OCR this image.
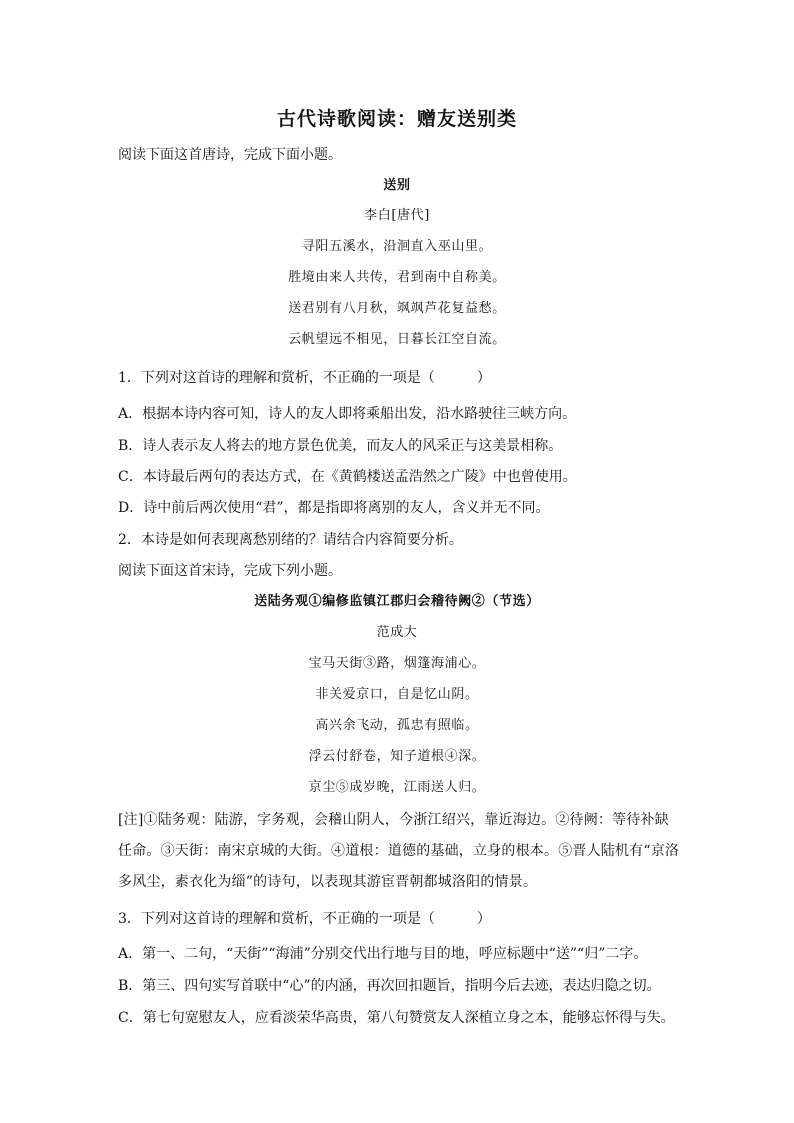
古代诗歌阅读：赠友送别类
阅读下面这首唐诗，完成下面小题。
送别
李白[唐代]
寻阳五溪水，沿洄直入巫山里。
胜境由来人共传，君到南中自称美。
送君别有八月秋，飒飒芦花复益愁。
云帆望远不相见，日暮长江空自流。
1．下列对这首诗的理解和赏析，不正确的一项是（　　　）
A．根据本诗内容可知，诗人的友人即将乘船出发，沿水路驶往三峡方向。
B．诗人表示友人将去的地方景色优美，而友人的风采正与这美景相称。
C．本诗最后两句的表达方式，在《黄鹤楼送孟浩然之广陵》中也曾使用。
D．诗中前后两次使用“君”，都是指即将离别的友人，含义并无不同。
2．本诗是如何表现离愁别绪的？请结合内容简要分析。
阅读下面这首宋诗，完成下列小题。
送陆务观①编修监镇江郡归会稽待阙②（节选）
范成大
宝马天街③路，烟篷海浦心。
非关爱京口，自是忆山阴。
高兴余飞动，孤忠有照临。
浮云付舒卷，知子道根④深。
京尘⑤成岁晚，江雨送人归。
[注]①陆务观：陆游，字务观，会稽山阴人，今浙江绍兴，靠近海边。②待阙：等待补缺
任命。③天街：南宋京城的大街。④道根：道德的基础，立身的根本。⑤晋人陆机有“京洛
多风尘，素衣化为缁”的诗句，以表现其游宦晋朝都城洛阳的情景。
3．下列对这首诗的理解和赏析，不正确的一项是（　　　）
A．第一、二句，“天街”“海浦”分别交代出行地与目的地，呼应标题中“送”“归”二字。
B．第三、四句实写首联中“心”的内涵，再次回扣题旨，指明今后去迹，表达归隐之切。
C．第七句宽慰友人，应看淡荣华高贵，第八句赞赏友人深植立身之本，能够忘怀得与失。
